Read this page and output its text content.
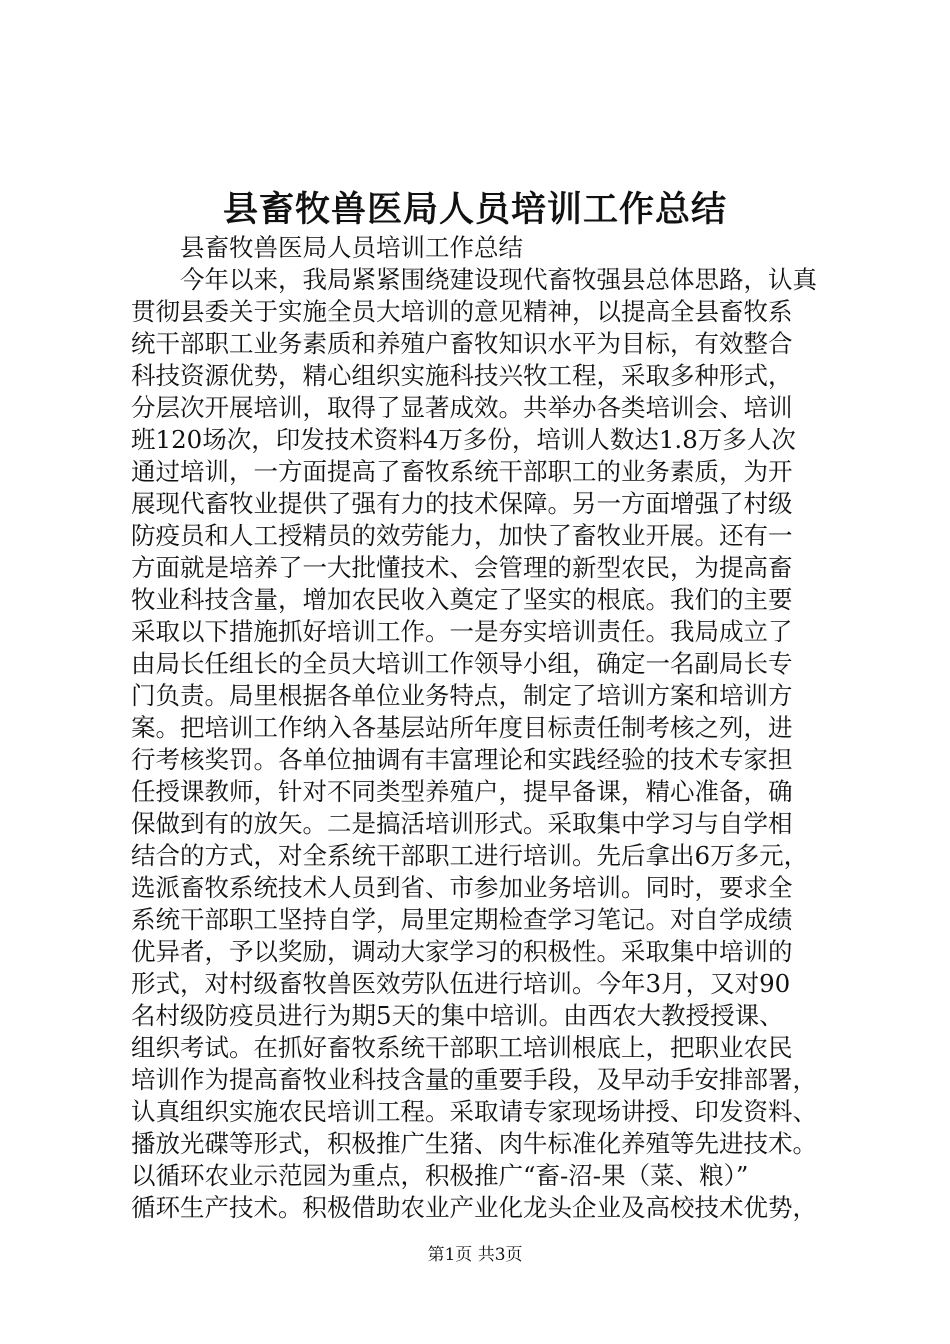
县畜牧兽医局人员培训工作总结
县畜牧兽医局人员培训工作总结
今年以来，我局紧紧围绕建设现代畜牧强县总体思路，认真
贯彻县委关于实施全员大培训的意见精神，以提高全县畜牧系
统干部职工业务素质和养殖户畜牧知识水平为目标，有效整合
科技资源优势，精心组织实施科技兴牧工程，采取多种形式，
分层次开展培训，取得了显著成效。共举办各类培训会、培训
班120场次，印发技术资料4万多份，培训人数达1.8万多人次
通过培训，一方面提高了畜牧系统干部职工的业务素质，为开
展现代畜牧业提供了强有力的技术保障。另一方面增强了村级
防疫员和人工授精员的效劳能力，加快了畜牧业开展。还有一
方面就是培养了一大批懂技术、会管理的新型农民，为提高畜
牧业科技含量，增加农民收入奠定了坚实的根底。我们的主要
采取以下措施抓好培训工作。一是夯实培训责任。我局成立了
由局长任组长的全员大培训工作领导小组，确定一名副局长专
门负责。局里根据各单位业务特点，制定了培训方案和培训方
案。把培训工作纳入各基层站所年度目标责任制考核之列，进
行考核奖罚。各单位抽调有丰富理论和实践经验的技术专家担
任授课教师，针对不同类型养殖户，提早备课，精心准备，确
保做到有的放矢。二是搞活培训形式。采取集中学习与自学相
结合的方式，对全系统干部职工进行培训。先后拿出6万多元，
选派畜牧系统技术人员到省、市参加业务培训。同时，要求全
系统干部职工坚持自学，局里定期检查学习笔记。对自学成绩
优异者，予以奖励，调动大家学习的积极性。采取集中培训的
形式，对村级畜牧兽医效劳队伍进行培训。今年3月，又对90
名村级防疫员进行为期5天的集中培训。由西农大教授授课、
组织考试。在抓好畜牧系统干部职工培训根底上，把职业农民
培训作为提高畜牧业科技含量的重要手段，及早动手安排部署，
认真组织实施农民培训工程。采取请专家现场讲授、印发资料、
播放光碟等形式，积极推广生猪、肉牛标准化养殖等先进技术。
以循环农业示范园为重点，积极推广“畜-沼-果（菜、粮）”
循环生产技术。积极借助农业产业化龙头企业及高校技术优势，
第1页 共3页
